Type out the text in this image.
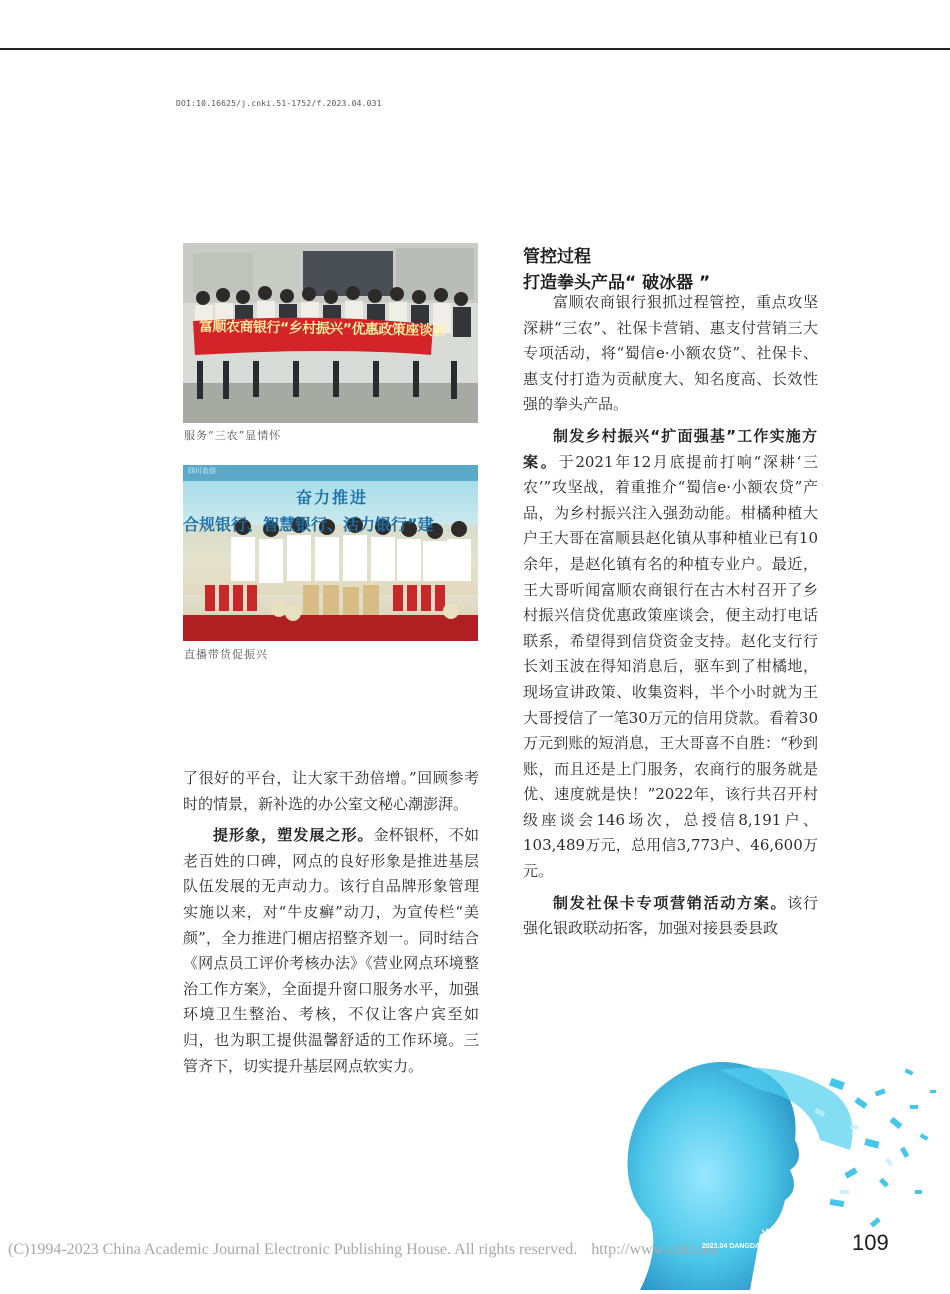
DOI:10.16625/j.cnki.51-1752/f.2023.04.031
富顺农商银行“乡村振兴”优惠政策座谈会
服务“三农”显情怀
四川农信
奋力推进
合规银行、智慧银行、活力银行”建
直播带货促振兴

了很好的平台，让大家干劲倍增。”回顾参考时的情景，新补选的办公室文秘心潮澎湃。

提形象，塑发展之形。金杯银杯，不如老百姓的口碑，网点的良好形象是推进基层队伍发展的无声动力。该行自品牌形象管理实施以来，对“牛皮癣”动刀，为宣传栏“美颜”，全力推进门楣店招整齐划一。同时结合《网点员工评价考核办法》《营业网点环境整治工作方案》，全面提升窗口服务水平，加强环境卫生整治、考核，不仅让客户宾至如归，也为职工提供温馨舒适的工作环境。三管齐下，切实提升基层网点软实力。

管控过程
打造拳头产品“ 破冰器 ”

富顺农商银行狠抓过程管控，重点攻坚深耕“三农”、社保卡营销、惠支付营销三大专项活动，将“蜀信e·小额农贷”、社保卡、惠支付打造为贡献度大、知名度高、长效性强的拳头产品。

制发乡村振兴“扩面强基”工作实施方案。于2021年12月底提前打响“深耕‘三农’”攻坚战，着重推介“蜀信e·小额农贷”产品，为乡村振兴注入强劲动能。柑橘种植大户王大哥在富顺县赵化镇从事种植业已有10余年，是赵化镇有名的种植专业户。最近，王大哥听闻富顺农商银行在古木村召开了乡村振兴信贷优惠政策座谈会，便主动打电话联系，希望得到信贷资金支持。赵化支行行长刘玉波在得知消息后，驱车到了柑橘地，现场宣讲政策、收集资料，半个小时就为王大哥授信了一笔30万元的信用贷款。看着30万元到账的短消息，王大哥喜不自胜：“秒到账，而且还是上门服务，农商行的服务就是优、速度就是快！”2022年，该行共召开村级座谈会146场次，总授信8,191户、103,489万元，总用信3,773户、46,600万元。

制发社保卡专项营销活动方案。该行强化银政联动拓客，加强对接县委县政

(C)1994-2023 China Academic Journal Electronic Publishing House. All rights reserved. http://www.cnki.net
当代县域经济
2023.04 DANGDAI XIANYU JINGJI 109
